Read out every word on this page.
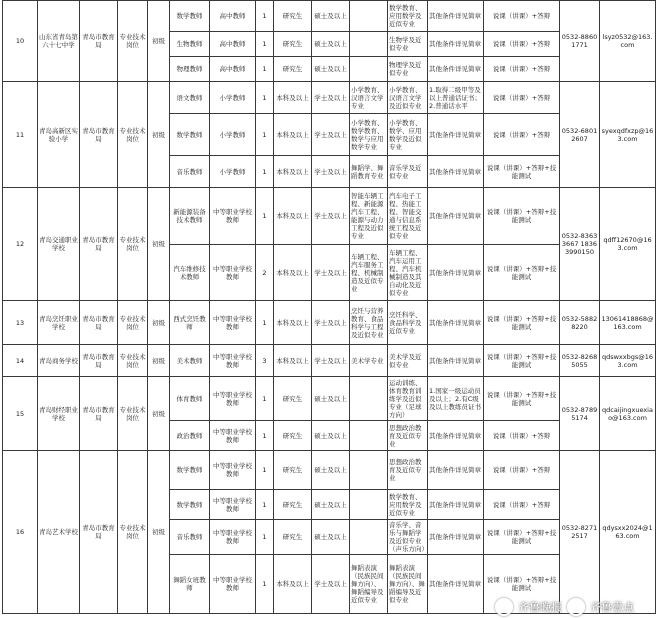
10	山东省青岛第六十七中学	青岛市教育局	专业技术岗位	初级	数学教师	高中教师	1	研究生	硕士及以上		数学教育、应用数学及近似专业	其他条件详见简章	说课（讲课）+答辩	0532-88601771	lsyz0532@163.com
					生物教师	高中教师	1	研究生	硕士及以上		生物学及近似专业	其他条件详见简章	说课（讲课）+答辩		
					物理教师	高中教师	1	研究生	硕士及以上		物理学及近似专业	其他条件详见简章	说课（讲课）+答辩		
11	青岛高新区实验小学	青岛市教育局	专业技术岗位	初级	语文教师	小学教师	1	本科及以上	学士及以上	小学教育、汉语言文学专业	小学教育、汉语言文学及近似专业	1.取得二级甲等及以上普通话证书；2.普通话水平	说课（讲课）+答辩	0532-68012607	syexqdfxzp@163.com
					数学教师	小学教师	1	本科及以上	学士及以上	小学教育、数学教育、数学与应用数学专业	小学教育、数学、应用数学及近似专业	其他条件详见简章	说课（讲课）+答辩		
					音乐教师	小学教师	1	本科及以上	学士及以上	舞蹈学、舞蹈教育专业	音乐学及近似专业	其他条件详见简章	说课（讲课）+答辩+技能测试		
12	青岛交通职业学校	青岛市教育局	专业技术岗位	初级	新能源装备技术教师	中等职业学校教师	1	本科及以上	学士及以上	智能车辆工程、新能源汽车工程、能源与动力工程及近似专业	汽车电子工程、热能工程、智能交通与信息系统工程及近似专业	其他条件详见简章	说课（讲课）+答辩+技能测试	0532-83633667 18363990150	qdff12670@163.com
					汽车维修技术教师	中等职业学校教师	2	本科及以上	学士及以上	车辆工程、汽车服务工程、机械制造及近似专业	车辆工程、汽车运用工程、汽车机械制造及其自动化及近似专业	其他条件详见简章	说课（讲课）+答辩+技能测试		
13	青岛烹饪职业学校	青岛市教育局	专业技术岗位	初级	西式烹饪教师	中等职业学校教师	1	本科及以上	学士及以上	烹饪与营养教育、食品科学与工程及近似专业	烹饪科学、食品科学及近似专业	其他条件详见简章	说课（讲课）+答辩+技能测试	0532-58828220	13061418868@163.com
14	青岛商务学校	青岛市教育局	专业技术岗位	初级	美术教师	中等职业学校教师	3	本科及以上	学士及以上	美术学专业	美术学及近似专业	其他条件详见简章	说课（讲课）+答辩+技能测试	0532-82685055	qdswxxbgs@163.com
15	青岛财经职业学校	青岛市教育局	专业技术岗位	初级	体育教师	中等职业学校教师	1	研究生	硕士及以上		运动训练、体育教育训练学及近似专业（足球方向）	1.国家一级运动员及以上；2.有C级及以上教练员证书	说课（讲课）+答辩+技能测试	0532-87895174	qdcaijingxuexiao@163.com
					政治教师	中等职业学校教师	1	研究生	硕士及以上		思想政治教育及近似专业	其他条件详见简章	说课（讲课）+答辩		
16	青岛艺术学校	青岛市教育局	专业技术岗位	初级	数学教师	中等职业学校教师	1	研究生	硕士及以上		思想政治教育及近似专业	其他条件详见简章	说课（讲课）+答辩	0532-82712517	qdysxx2024@163.com
					数学教师	中等职业学校教师	1	研究生	硕士及以上		数学教育、应用数学及近似专业	其他条件详见简章	说课（讲课）+答辩		
					音乐教师	中等职业学校教师	1	研究生	硕士及以上		音乐学、音乐与舞蹈学及近似专业（声乐方向）	其他条件详见简章	说课（讲课）+答辩+技能测试		
					舞蹈女班教师	中等职业学校教师	1	本科及以上	学士及以上	舞蹈表演（民族民间舞方向）、舞蹈编导及近似专业	舞蹈表演（民族民间舞方向）、舞蹈编导及近似专业	其他条件详见简章	说课（讲课）+答辩+技能测试		
齐鲁晚报	齐鲁壹点
